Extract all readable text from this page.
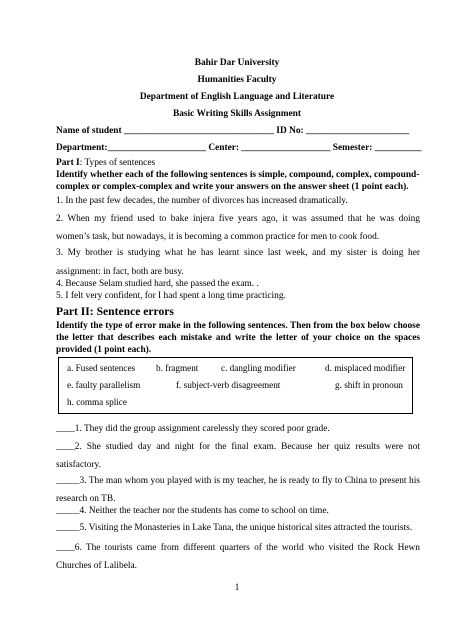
Bahir Dar University
Humanities Faculty
Department of English Language and Literature
Basic Writing Skills Assignment
Name of student ________________________________ ID No: ______________________
Department:_____________________ Center: ___________________ Semester: __________
Part I: Types of sentences
Identify whether each of the following sentences is simple, compound, complex, compound-complex or complex-complex and write your answers on the answer sheet (1 point each).
1. In the past few decades, the number of divorces has increased dramatically.
2. When my friend used to bake injera five years ago, it was assumed that he was doing women’s task, but nowadays, it is becoming a common practice for men to cook food.
3. My brother is studying what he has learnt since last week, and my sister is doing her assignment: in fact, both are busy.
4. Because Selam studied hard, she passed the exam. .
5. I felt very confident, for I had spent a long time practicing.
Part II: Sentence errors
Identify the type of error make in the following sentences. Then from the box below choose the letter that describes each mistake and write the letter of your choice on the spaces provided (1 point each).
a. Fused sentences b. fragment c. dangling modifier	d. misplaced modifier
e. faulty parallelism	f. subject-verb disagreement	g. shift in pronoun
h. comma splice
____1. They did the group assignment carelessly they scored poor grade.
____2. She studied day and night for the final exam. Because her quiz results were not satisfactory.
_____3. The man whom you played with is my teacher, he is ready to fly to China to present his research on TB.
_____4. Neither the teacher nor the students has come to school on time.
_____5. Visiting the Monasteries in Lake Tana, the unique historical sites attracted the tourists.
____6. The tourists came from different quarters of the world who visited the Rock Hewn Churches of Lalibela.
1
